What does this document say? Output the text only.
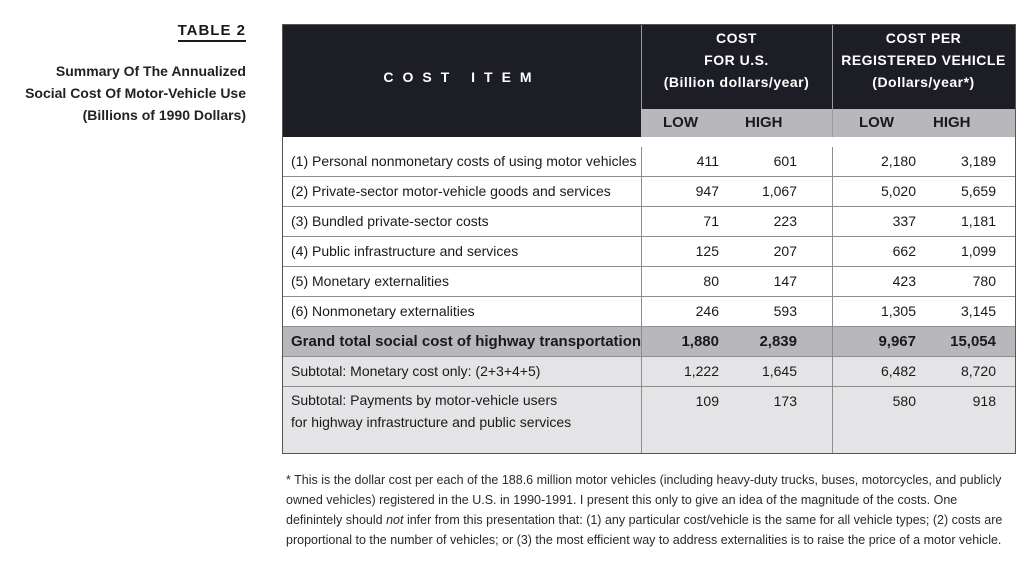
TABLE 2
Summary Of The Annualized
Social Cost Of Motor-Vehicle Use
(Billions of 1990 Dollars)
COST ITEM
COST
FOR U.S.
(Billion dollars/year)
COST PER
REGISTERED VEHICLE
(Dollars/year*)
LOW	HIGH	LOW	HIGH
(1) Personal nonmonetary costs of using motor vehicles	411	601	2,180	3,189
(2) Private-sector motor-vehicle goods and services	947	1,067	5,020	5,659
(3) Bundled private-sector costs	71	223	337	1,181
(4) Public infrastructure and services	125	207	662	1,099
(5) Monetary externalities	80	147	423	780
(6) Nonmonetary externalities	246	593	1,305	3,145
Grand total social cost of highway transportation	1,880	2,839	9,967	15,054
Subtotal: Monetary cost only: (2+3+4+5)	1,222	1,645	6,482	8,720
Subtotal: Payments by motor-vehicle users
for highway infrastructure and public services
109	173	580	918
* This is the dollar cost per each of the 188.6 million motor vehicles (including heavy-duty trucks, buses, motorcycles, and publicly owned vehicles) registered in the U.S. in 1990-1991. I present this only to give an idea of the magnitude of the costs. One definintely should not infer from this presentation that: (1) any particular cost/vehicle is the same for all vehicle types; (2) costs are proportional to the number of vehicles; or (3) the most efficient way to address externalities is to raise the price of a motor vehicle.
